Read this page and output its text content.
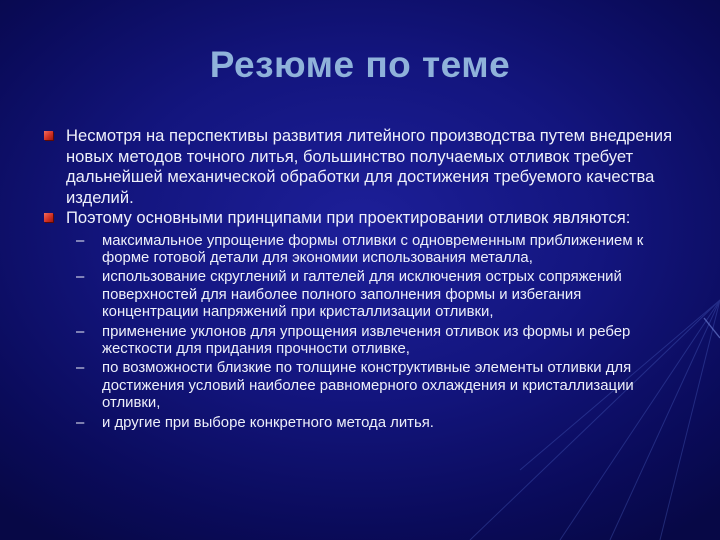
Резюме по теме
Несмотря на перспективы развития литейного производства путем внедрения новых методов точного литья, большинство получаемых отливок требует дальнейшей механической обработки для достижения требуемого качества изделий.
Поэтому основными принципами при проектировании отливок являются:
– максимальное упрощение формы отливки с одновременным приближением к форме готовой детали для экономии использования металла,
– использование скруглений и галтелей для исключения острых сопряжений поверхностей для наиболее полного заполнения формы и избегания концентрации напряжений при кристаллизации отливки,
– применение уклонов для упрощения извлечения отливок из формы и ребер жесткости для придания прочности отливке,
– по возможности близкие по толщине конструктивные элементы отливки для достижения условий наиболее равномерного охлаждения и кристаллизации отливки,
– и другие при выборе конкретного метода литья.
